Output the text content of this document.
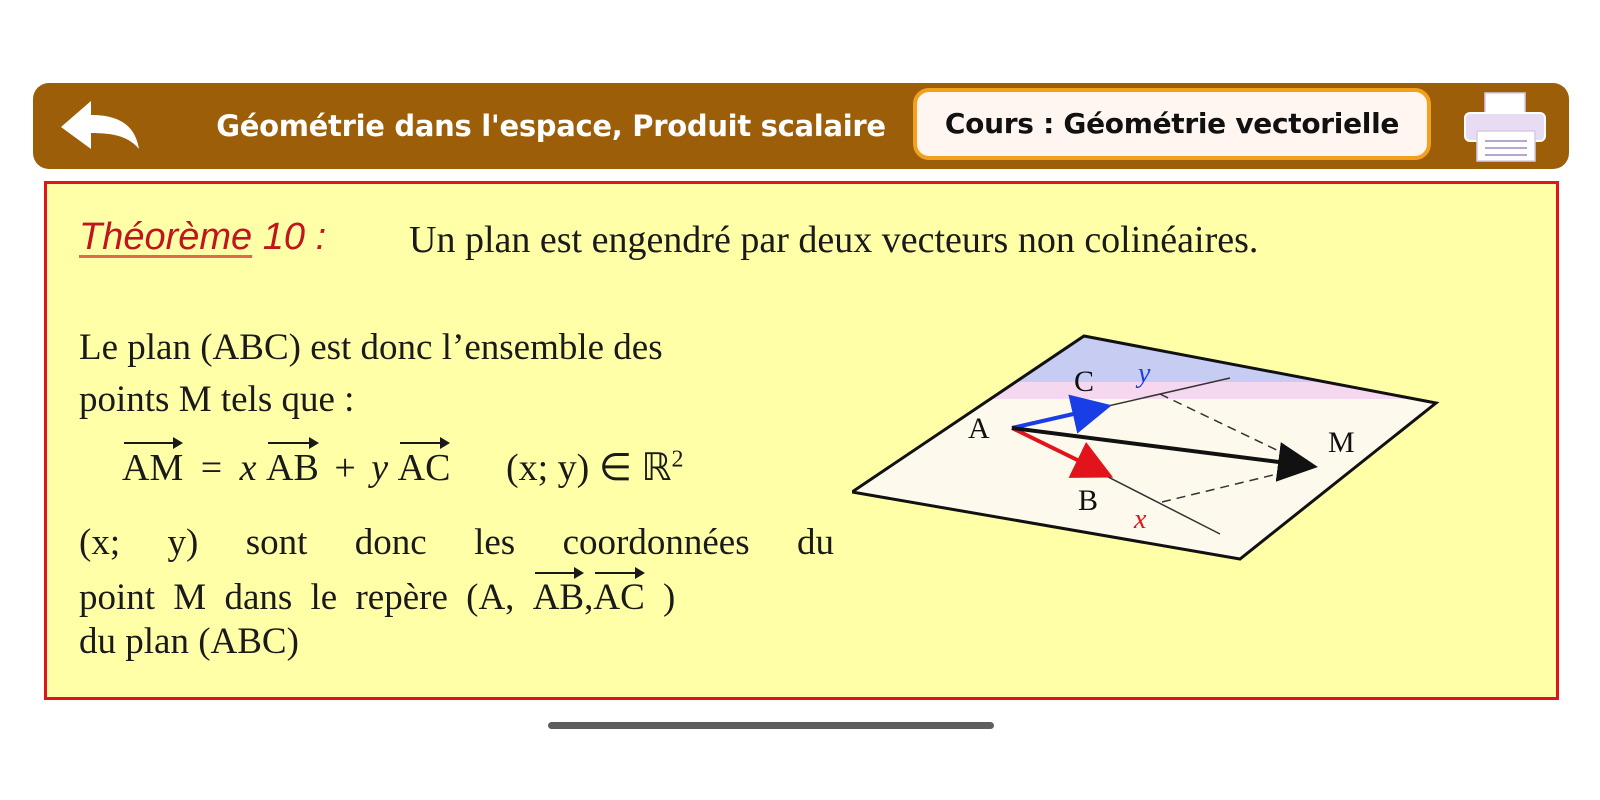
Géométrie dans l'espace, Produit scalaire	Cours : Géométrie vectorielle
Théorème 10 : Un plan est engendré par deux vecteurs non colinéaires.
Le plan (ABC) est donc l’ensemble des
points M tels que :
AM = x AB + y AC (x; y) ∈ ℝ$^2$
(x; y) sont donc les coordonnées du
point M dans le repère (A, AB,AC )
du plan (ABC)
A
C
B
M
y
x
